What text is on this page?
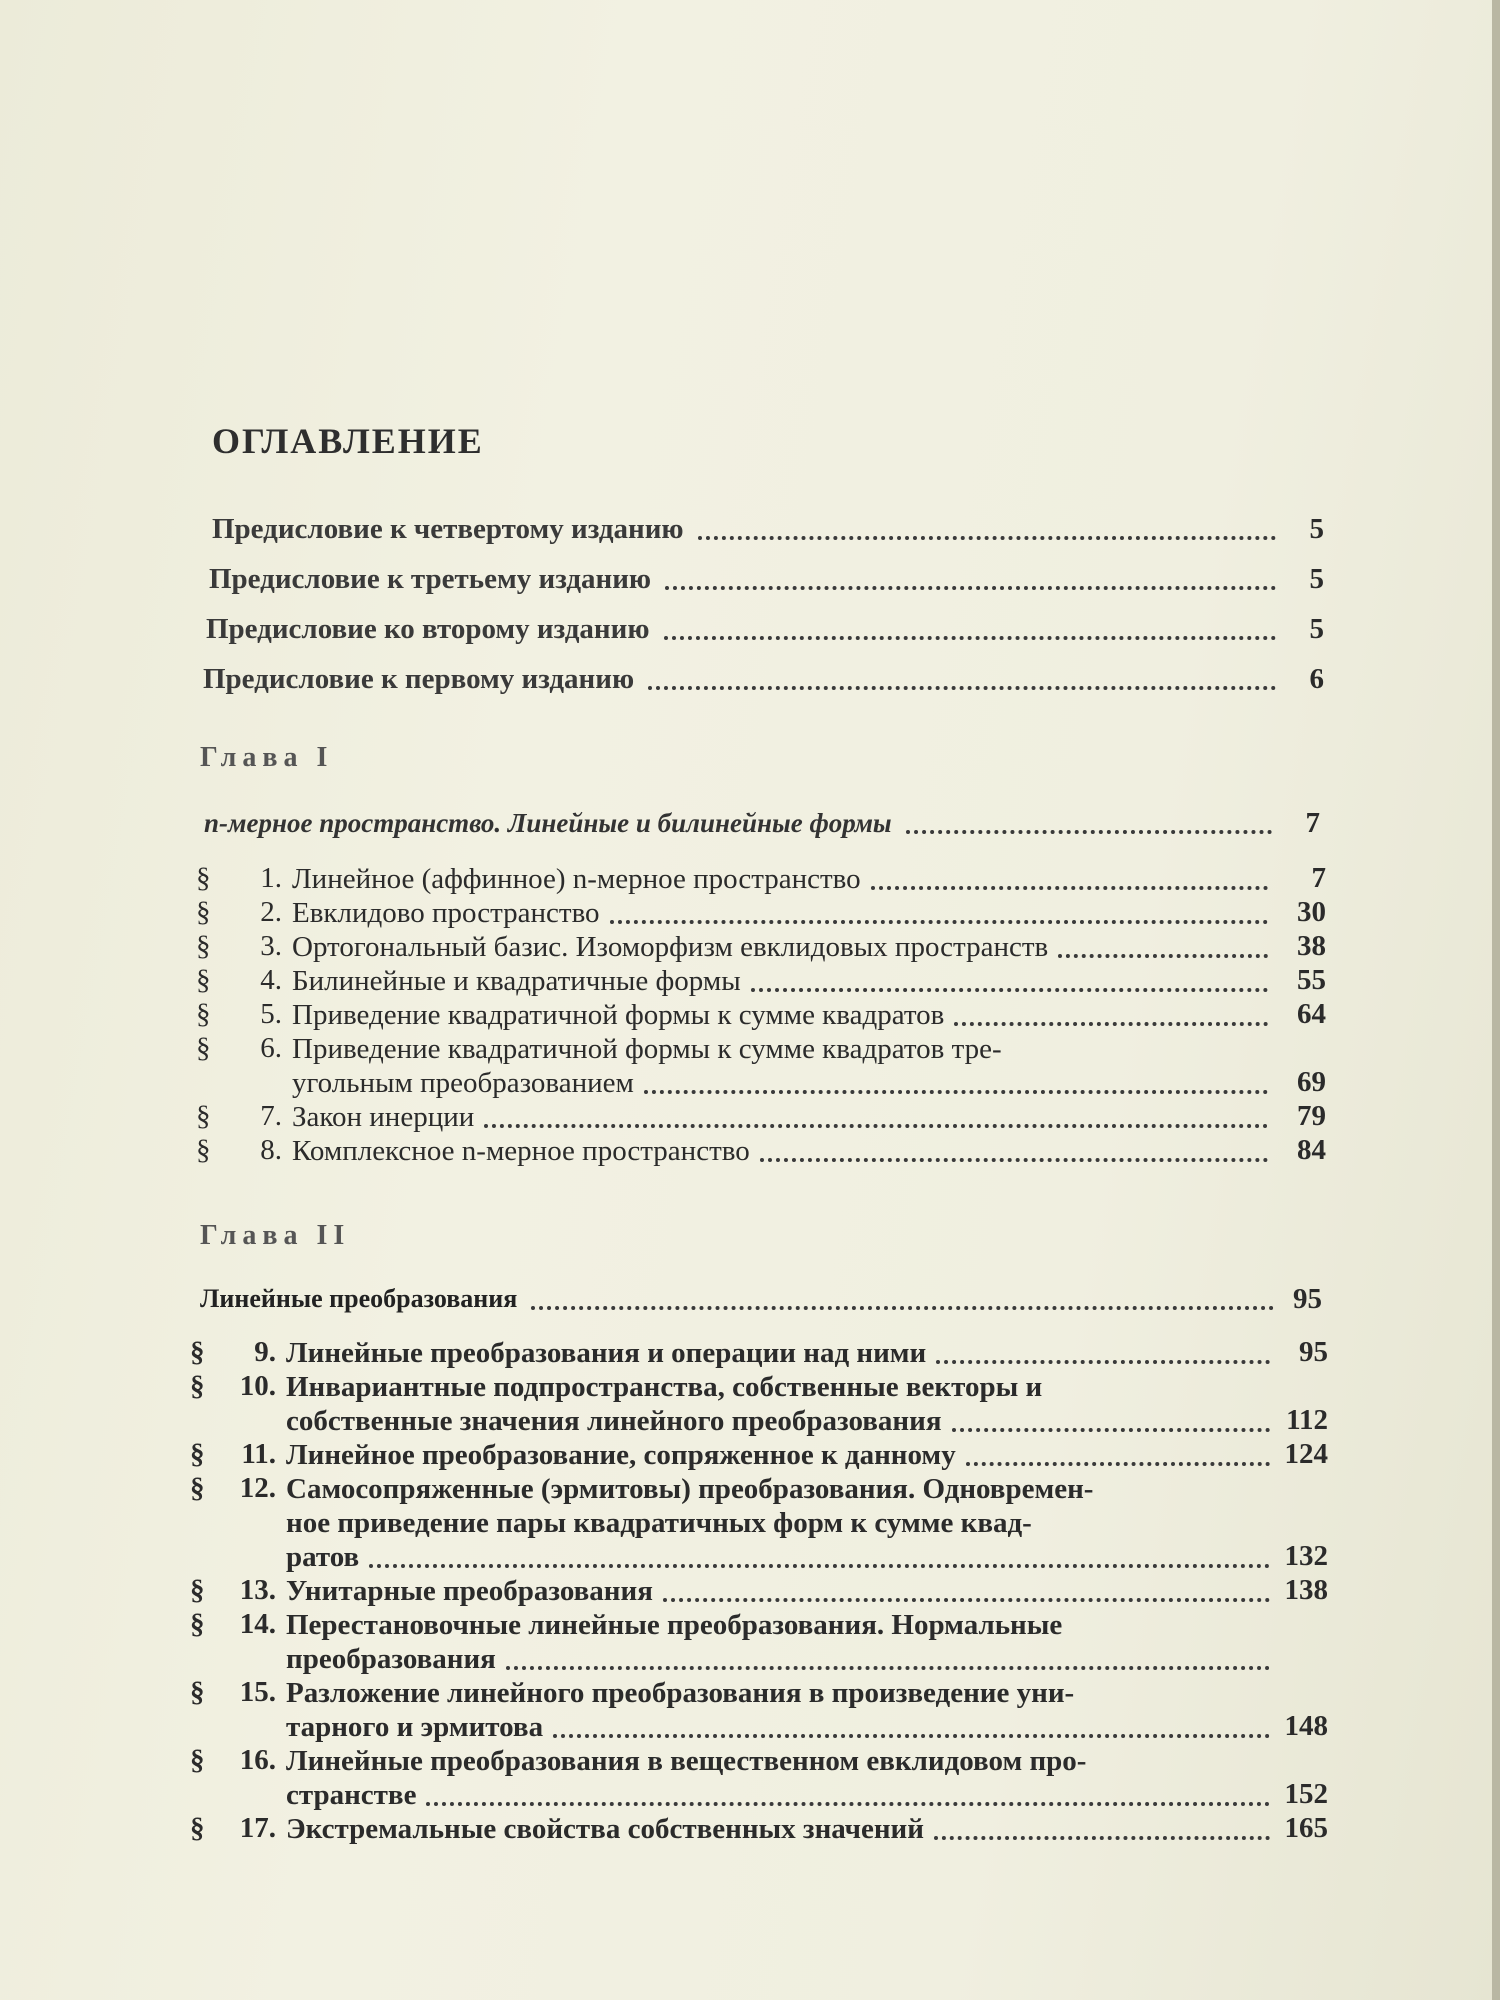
ОГЛАВЛЕНИЕ
Предисловие к четвертому изданию	5
Предисловие к третьему изданию	5
Предисловие ко второму изданию	5
Предисловие к первому изданию	6
Глава I
n-мерное пространство. Линейные и билинейные формы	7
§	1. Линейное (аффинное) n-мерное пространство	7
§	2. Евклидово пространство	30
§	3. Ортогональный базис. Изоморфизм евклидовых пространств	38
§	4. Билинейные и квадратичные формы	55
§	5. Приведение квадратичной формы к сумме квадратов	64
§	6. Приведение квадратичной формы к сумме квадратов тре-
угольным преобразованием	69
§	7. Закон инерции	79
§	8. Комплексное n-мерное пространство	84
Глава II
Линейные преобразования	95
§	9. Линейные преобразования и операции над ними	95
§	10. Инвариантные подпространства, собственные векторы и
собственные значения линейного преобразования	112
§	11. Линейное преобразование, сопряженное к данному	124
§	12. Самосопряженные (эрмитовы) преобразования. Одновремен-
ное приведение пары квадратичных форм к сумме квад-
ратов	132
§	13. Унитарные преобразования	138
§	14. Перестановочные линейные преобразования. Нормальные
преобразования
§	15. Разложение линейного преобразования в произведение уни-
тарного и эрмитова	148
§	16. Линейные преобразования в вещественном евклидовом про-
странстве	152
§	17. Экстремальные свойства собственных значений	165
